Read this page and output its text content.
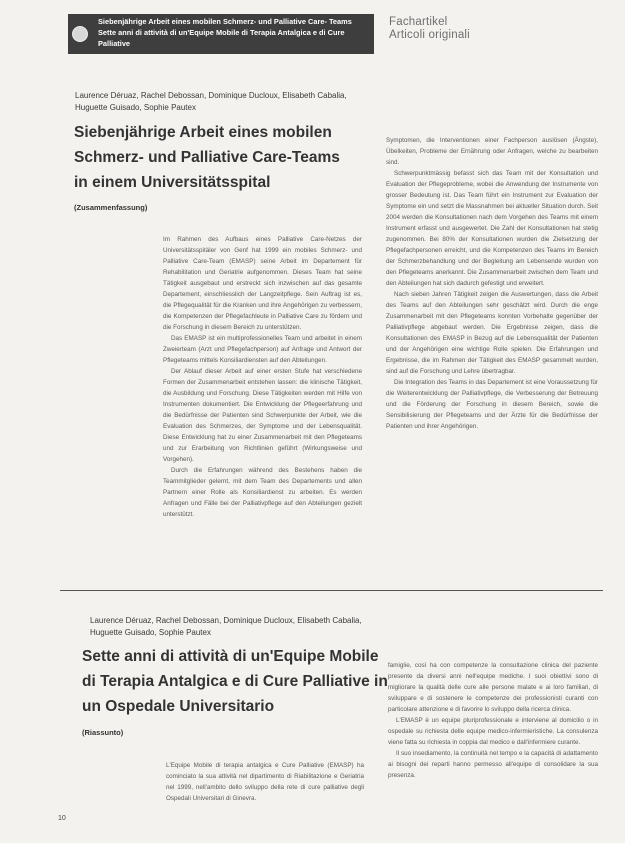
Siebenjährige Arbeit eines mobilen Schmerz- und Palliative Care- Teams
Sette anni di attività di un'Equipe Mobile di Terapia Antalgica e di Cure
Palliative
Fachartikel
Articoli originali
Laurence Déruaz, Rachel Debossan, Dominique Ducloux, Elisabeth Cabalia,
Huguette Guisado, Sophie Pautex
Siebenjährige Arbeit eines mobilen
Schmerz- und Palliative Care-Teams
in einem Universitätsspital
(Zusammenfassung)

Im Rahmen des Aufbaus eines Palliative Care-Netzes der Universitätsspitäler von Genf hat 1999 ein mobiles Schmerz- und Palliative Care-Team (EMASP) seine Arbeit im Departement für Rehabilitation und Geriatrie aufgenommen. Dieses Team hat seine Tätigkeit ausgebaut und erstreckt sich inzwischen auf das gesamte Departement, einschliesslich der Langzeitpflege. Sein Auftrag ist es, die Pflegequalität für die Kranken und ihre Angehörigen zu verbessern, die Kompetenzen der Pflegefachleute in Palliative Care zu fördern und die Forschung in diesem Bereich zu unterstützen.

Das EMASP ist ein multiprofessionelles Team und arbeitet in einem Zweierteam (Arzt und Pflegefachperson) auf Anfrage und Antwort der Pflegeteams mittels Konsiliardiensten auf den Abteilungen.

Der Ablauf dieser Arbeit auf einer ersten Stufe hat verschiedene Formen der Zusammenarbeit entstehen lassen: die klinische Tätigkeit, die Ausbildung und Forschung. Diese Tätigkeiten werden mit Hilfe von Instrumenten dokumentiert. Die Entwicklung der Pflegeerfahrung und die Bedürfnisse der Patienten sind Schwerpunkte der Arbeit, wie die Evaluation des Schmerzes, der Symptome und der Lebensqualität. Diese Entwicklung hat zu einer Zusammenarbeit mit den Pflegeteams und zur Erarbeitung von Richtlinien geführt (Wirkungsweise und Vorgehen).

Durch die Erfahrungen während des Bestehens haben die Teammitglieder gelernt, mit dem Team des Departements und allen Partnern einer Rolle als Konsiliardienst zu arbeiten. Es werden Anfragen und Fälle bei der Palliativpflege auf den Abteilungen gezielt unterstützt.

Symptomen, die Interventionen einer Fachperson auslösen (Ängste), Übelkeiten, Probleme der Ernährung oder Anfragen, welche zu bearbeiten sind.

Schwerpunktmässig befasst sich das Team mit der Konsultation und Evaluation der Pflegeprobleme, wobei die Anwendung der Instrumente von grosser Bedeutung ist. Das Team führt ein Instrument zur Evaluation der Symptome ein und setzt die Massnahmen bei aktueller Situation durch. Seit 2004 werden die Konsultationen nach dem Vorgehen des Teams mit einem Instrument erfasst und ausgewertet. Die Zahl der Konsultationen hat stetig zugenommen. Bei 80% der Konsultationen wurden die Zielsetzung der Pflegefachpersonen erreicht, und die Kompetenzen des Teams im Bereich der Schmerzbehandlung und der Begleitung am Lebensende wurden von den Pflegeteams anerkannt. Die Zusammenarbeit zwischen dem Team und den Abteilungen hat sich dadurch gefestigt und erweitert.

Nach sieben Jahren Tätigkeit zeigen die Auswertungen, dass die Arbeit des Teams auf den Abteilungen sehr geschätzt wird. Durch die enge Zusammenarbeit mit den Pflegeteams konnten Vorbehalte gegenüber der Palliativpflege abgebaut werden. Die Ergebnisse zeigen, dass die Konsultationen des EMASP in Bezug auf die Lebensqualität der Patienten und der Angehörigen eine wichtige Rolle spielen. Die Erfahrungen und Ergebnisse, die im Rahmen der Tätigkeit des EMASP gesammelt wurden, sind auf die Forschung und Lehre übertragbar.

Die Integration des Teams in das Departement ist eine Voraussetzung für die Weiterentwicklung der Palliativpflege, die Verbesserung der Betreuung und die Förderung der Forschung in diesem Bereich, sowie die Sensibilisierung der Pflegeteams und der Ärzte für die Bedürfnisse der Patienten und ihrer Angehörigen.

Laurence Déruaz, Rachel Debossan, Dominique Ducloux, Elisabeth Cabalia,
Huguette Guisado, Sophie Pautex
Sette anni di attività di un'Equipe Mobile
di Terapia Antalgica e di Cure Palliative in
un Ospedale Universitario
(Riassunto)

L'Equipe Mobile di terapia antalgica e Cure Palliative (EMASP) ha cominciato la sua attività nel dipartimento di Riabilitazione e Geriatria nel 1999, nell'ambito dello sviluppo della rete di cure palliative degli Ospedali Universitari di Ginevra.

famiglie, così ha con competenze la consultazione clinica del paziente presente da diversi anni nell'equipe mediche. I suoi obiettivi sono di migliorare la qualità delle cure alle persone malate e ai loro familiari, di sviluppare e di sostenere le competenze dei professionisti curanti con particolare attenzione e di favorire lo sviluppo della ricerca clinica.

L'EMASP è un equipe pluriprofessionale e interviene al domicilio o in ospedale su richiesta delle equipe medico-infermieristiche. La consulenza viene fatta su richiesta in coppia dal medico e dall'infermiere curante.

Il suo insediamento, la continuità nel tempo e la capacità di adattamento ai bisogni dei reparti hanno permesso all'equipe di consolidare la sua presenza.

10
